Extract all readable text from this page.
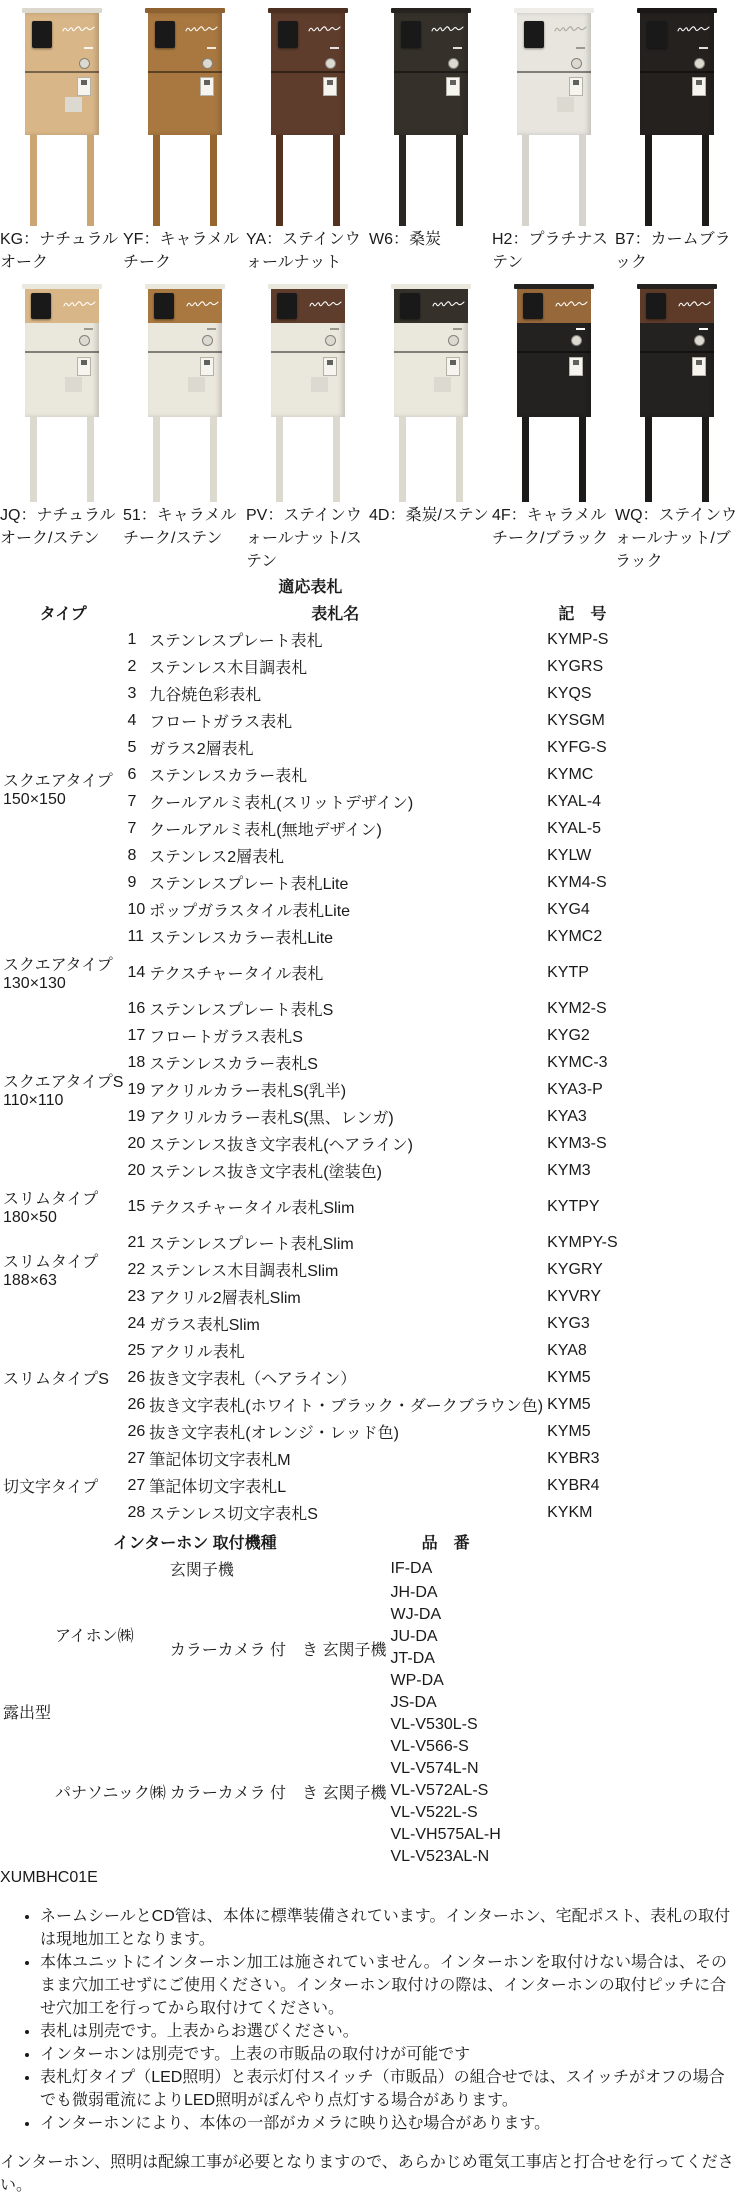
KG：ナチュラルオーク
YF：キャラメルチーク
YA：ステインウォールナット
W6：桑炭	H2：プラチナステン
B7：カームブラック
JQ：ナチュラルオーク/ステン
51：キャラメルチーク/ステン
PV：ステインウォールナット/ステン
4D：桑炭/ステン 4F：キャラメルチーク/ブラック
WQ：ステインウォールナット/ブラック
適応表札			
タイプ	表札名		記　号

スクエアタイプ
150×150	1	ステンレスプレート表札	KYMP-S
	2	ステンレス木目調表札	KYGRS
	3	九谷焼色彩表札	KYQS
	4	フロートガラス表札	KYSGM
	5	ガラス2層表札	KYFG-S
	6	ステンレスカラー表札	KYMC
	7	クールアルミ表札(スリットデザイン)	KYAL-4
	7	クールアルミ表札(無地デザイン)	KYAL-5
	8	ステンレス2層表札	KYLW
	9	ステンレスプレート表札Lite	KYM4-S
	10	ポップガラスタイル表札Lite	KYG4
	11	ステンレスカラー表札Lite	KYMC2

スクエアタイプ
130×130	14	テクスチャータイル表札	KYTP

スクエアタイプS
110×110	16	ステンレスプレート表札S	KYM2-S
	17	フロートガラス表札S	KYG2
	18	ステンレスカラー表札S	KYMC-3
	19	アクリルカラー表札S(乳半)	KYA3-P
	19	アクリルカラー表札S(黒、レンガ)	KYA3
	20	ステンレス抜き文字表札(ヘアライン)	KYM3-S
	20	ステンレス抜き文字表札(塗装色)	KYM3

スリムタイプ
180×50	15	テクスチャータイル表札Slim	KYTPY

スリムタイプ
188×63	21	ステンレスプレート表札Slim	KYMPY-S
	22	ステンレス木目調表札Slim	KYGRY
	23	アクリル2層表札Slim	KYVRY

スリムタイプS	24	ガラス表札Slim	KYG3
	25	アクリル表札	KYA8
	26	抜き文字表札（ヘアライン）	KYM5
	26	抜き文字表札(ホワイト・ブラック・ダークブラウン色)	KYM5
	26	抜き文字表札(オレンジ・レッド色)	KYM5

切文字タイプ	27	筆記体切文字表札M	KYBR3
	27	筆記体切文字表札L	KYBR4
	28	ステンレス切文字表札S	KYKM
インターホン 取付機種			品　番
露出型	アイホン㈱	玄関子機	IF-DA
		カラーカメラ 付　き 玄関子機	JH-DA
			WJ-DA
			JU-DA
			JT-DA
			WP-DA
			JS-DA
	パナソニック㈱	カラーカメラ 付　き 玄関子機	VL-V530L-S
			VL-V566-S
			VL-V574L-N
			VL-V572AL-S
			VL-V522L-S
			VL-VH575AL-H
			VL-V523AL-N
XUMBHC01E
• ネームシールとCD管は、本体に標準装備されています。インターホン、宅配ポスト、表札の取付は現地加工となります。
• 本体ユニットにインターホン加工は施されていません。インターホンを取付けない場合は、そのまま穴加工せずにご使用ください。インターホン取付けの際は、インターホンの取付ピッチに合せ穴加工を行ってから取付けてください。
• 表札は別売です。上表からお選びください。
• インターホンは別売です。上表の市販品の取付けが可能です
• 表札灯タイプ（LED照明）と表示灯付スイッチ（市販品）の組合せでは、スイッチがオフの場合でも微弱電流によりLED照明がぼんやり点灯する場合があります。
• インターホンにより、本体の一部がカメラに映り込む場合があります。
インターホン、照明は配線工事が必要となりますので、あらかじめ電気工事店と打合せを行ってください。
